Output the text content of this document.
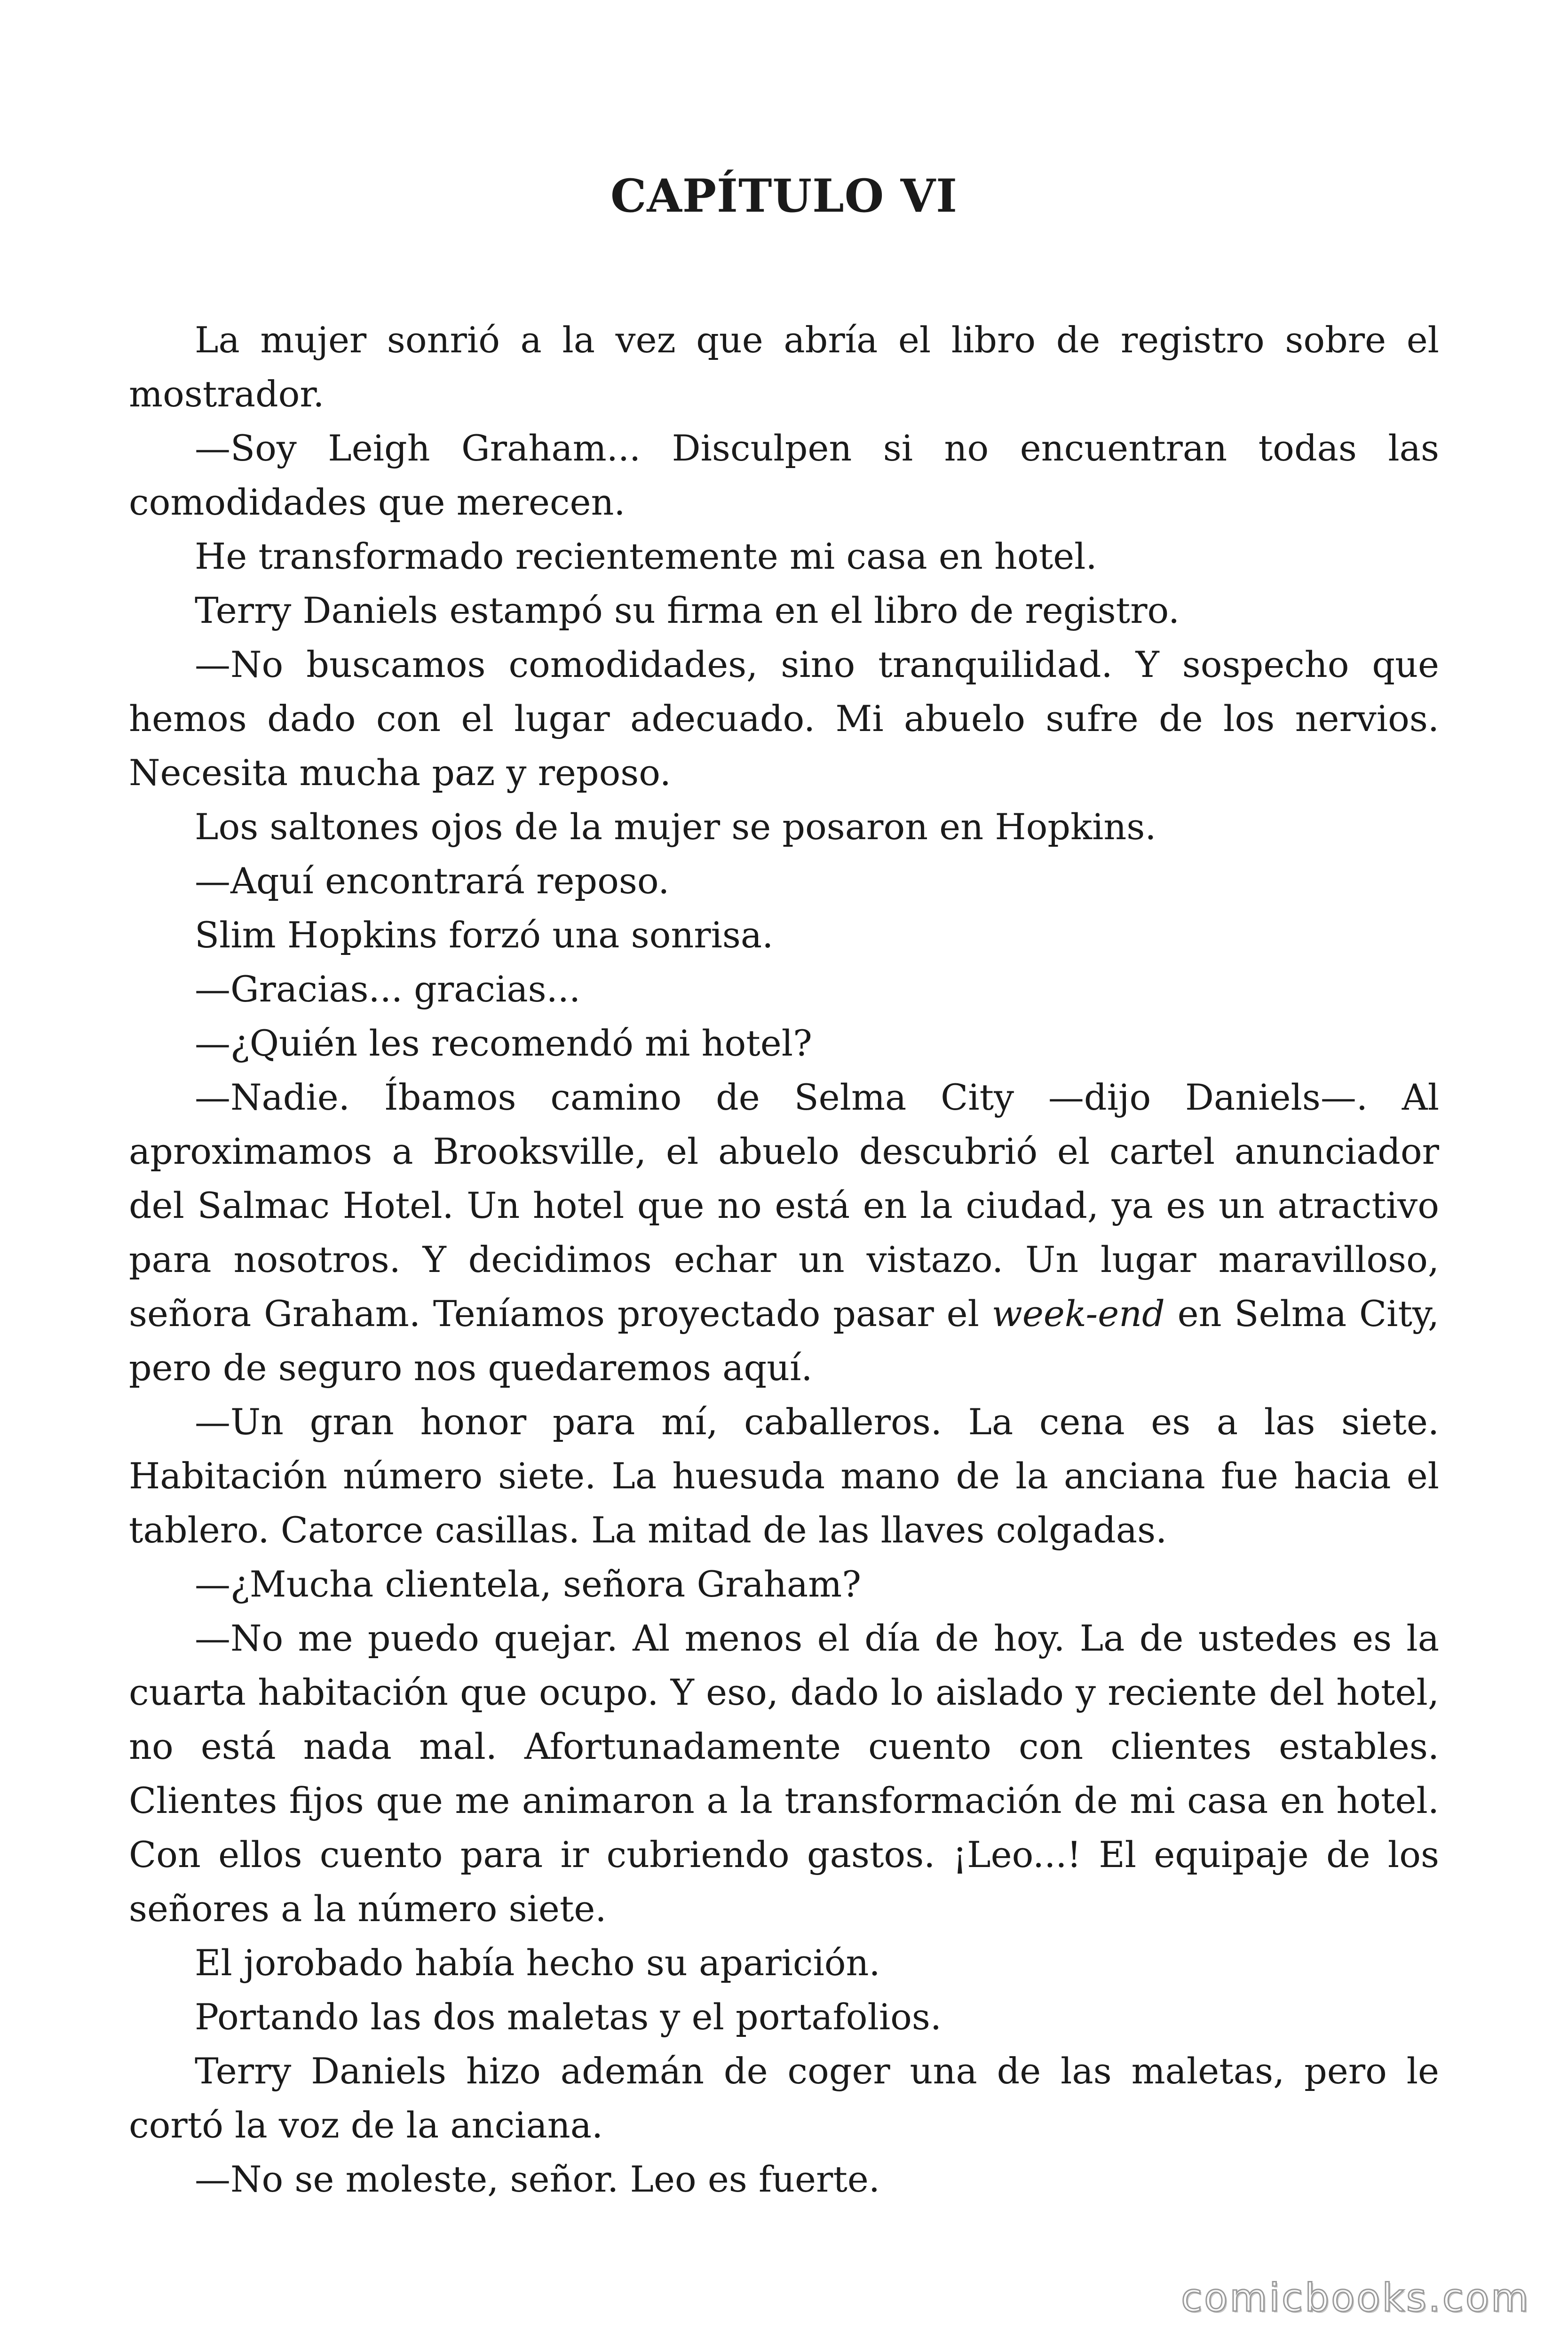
CAPÍTULO VI

La mujer sonrió a la vez que abría el libro de registro sobre el mostrador.

—Soy Leigh Graham... Disculpen si no encuentran todas las comodidades que merecen.

He transformado recientemente mi casa en hotel.

Terry Daniels estampó su firma en el libro de registro.

—No buscamos comodidades, sino tranquilidad. Y sospecho que hemos dado con el lugar adecuado. Mi abuelo sufre de los nervios. Necesita mucha paz y reposo.

Los saltones ojos de la mujer se posaron en Hopkins.

—Aquí encontrará reposo.

Slim Hopkins forzó una sonrisa.

—Gracias... gracias...

—¿Quién les recomendó mi hotel?

—Nadie. Íbamos camino de Selma City —dijo Daniels—. Al aproximamos a Brooksville, el abuelo descubrió el cartel anunciador del Salmac Hotel. Un hotel que no está en la ciudad, ya es un atractivo para nosotros. Y decidimos echar un vistazo. Un lugar maravilloso, señora Graham. Teníamos proyectado pasar el week-end en Selma City, pero de seguro nos quedaremos aquí.

—Un gran honor para mí, caballeros. La cena es a las siete. Habitación número siete. La huesuda mano de la anciana fue hacia el tablero. Catorce casillas. La mitad de las llaves colgadas.

—¿Mucha clientela, señora Graham?

—No me puedo quejar. Al menos el día de hoy. La de ustedes es la cuarta habitación que ocupo. Y eso, dado lo aislado y reciente del hotel, no está nada mal. Afortunadamente cuento con clientes estables. Clientes fijos que me animaron a la transformación de mi casa en hotel. Con ellos cuento para ir cubriendo gastos. ¡Leo...! El equipaje de los señores a la número siete.

El jorobado había hecho su aparición.

Portando las dos maletas y el portafolios.

Terry Daniels hizo ademán de coger una de las maletas, pero le cortó la voz de la anciana.

—No se moleste, señor. Leo es fuerte.

comicbooks.com
